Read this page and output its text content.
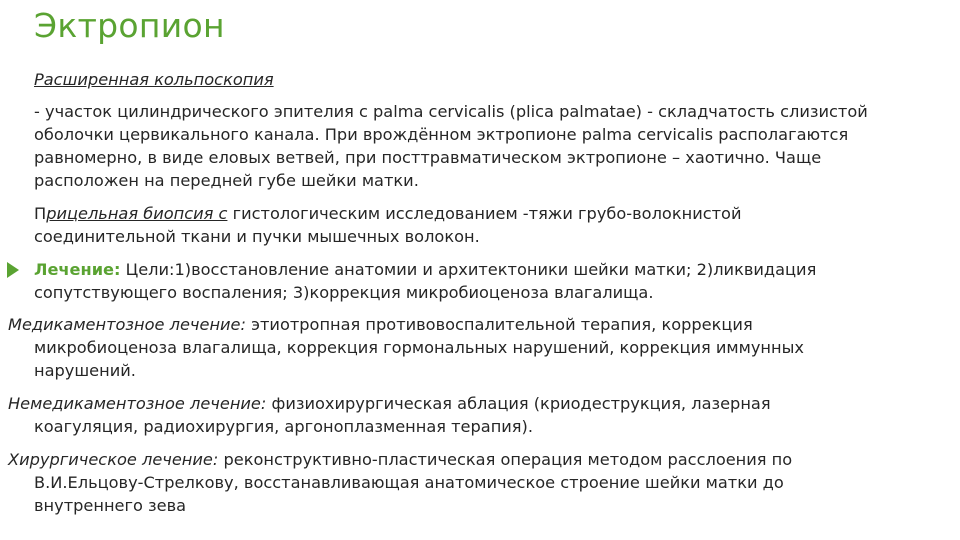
Эктропион

Расширенная кольпоскопия

- участок цилиндрического эпителия с palma cervicalis (plica palmatae) - складчатость слизистой оболочки цервикального канала. При врождённом эктропионе palma cervicalis располагаются равномерно, в виде еловых ветвей, при посттравматическом эктропионе – хаотично. Чаще расположен на передней губе шейки матки.

Прицельная биопсия с гистологическим исследованием -тяжи грубо-волокнистой соединительной ткани и пучки мышечных волокон.

Лечение: Цели:1)восстановление анатомии и архитектоники шейки матки; 2)ликвидация сопутствующего воспаления; 3)коррекция микробиоценоза влагалища.

Медикаментозное лечение: этиотропная противовоспалительной терапия, коррекция микробиоценоза влагалища, коррекция гормональных нарушений, коррекция иммунных нарушений.

Немедикаментозное лечение: физиохирургическая аблация (криодеструкция, лазерная коагуляция, радиохирургия, аргоноплазменная терапия).

Хирургическое лечение: реконструктивно-пластическая операция методом расслоения по В.И.Ельцову-Стрелкову, восстанавливающая анатомическое строение шейки матки до внутреннего зева
